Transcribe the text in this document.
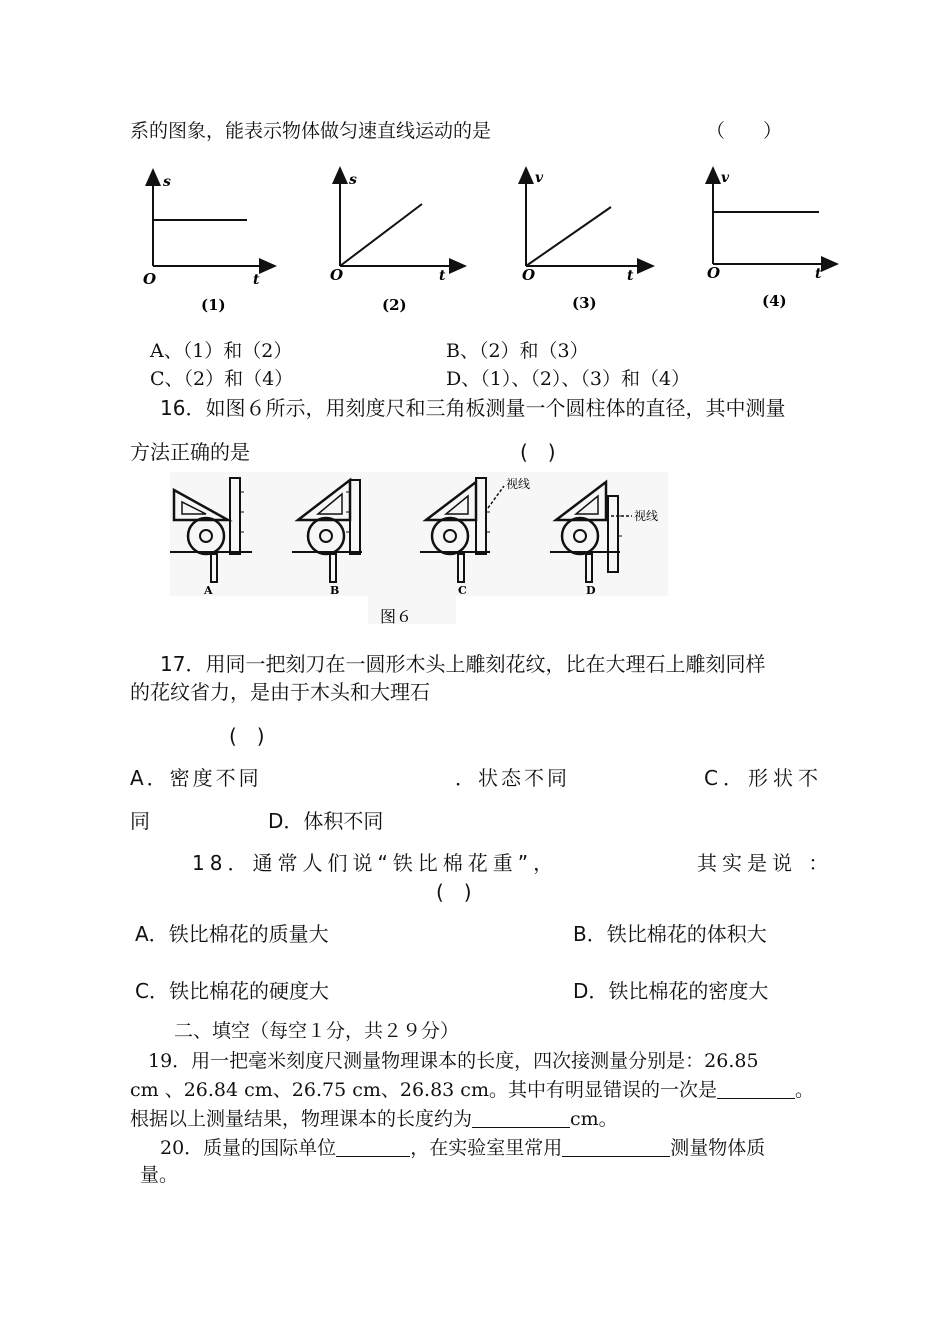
系的图象，能表示物体做匀速直线运动的是	（　　）
s
t
O
(1)
s
t
O
(2)
v
t
O
(3)
v
t
O
(4)
A、（1）和（2）	B、（2）和（3）
C、（2）和（4）	D、（1）、（2）、（3）和（4）
16．如图６所示，用刻度尺和三角板测量一个圆柱体的直径，其中测量
方法正确的是	(　)
A	B
视线
C
视线
D
图６
17．用同一把刻刀在一圆形木头上雕刻花纹，比在大理石上雕刻同样
的花纹省力，是由于木头和大理石
(　)
A．密度不同	．状态不同	C．形状不
同	D．体积不同
18．通常人们说“铁比棉花重”，	其实是说 ：
(　)
A．铁比棉花的质量大	B．铁比棉花的体积大
C．铁比棉花的硬度大	D．铁比棉花的密度大
二、填空（每空１分，共２９分）
19．用一把毫米刻度尺测量物理课本的长度，四次接测量分别是：26.85
cm 、26.84 cm、26.75 cm、26.83 cm。其中有明显错误的一次是	。
根据以上测量结果，物理课本的长度约为	cm。
20．质量的国际单位	，在实验室里常用	测量物体质
量。
